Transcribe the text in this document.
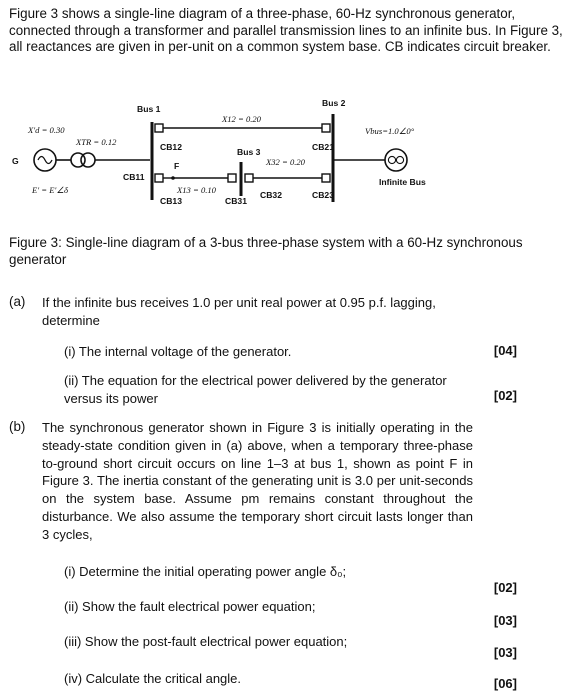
Figure 3 shows a single-line diagram of a three-phase, 60-Hz synchronous generator, connected through a transformer and parallel transmission lines to an infinite bus. In Figure 3, all reactances are given in per-unit on a common system base. CB indicates circuit breaker.
G
Bus 1
Bus 2
Bus 3
X′d = 0.30
XTR = 0.12
X12 = 0.20
X32 = 0.20
X13 = 0.10
Vbus=1.0∠0°
E′ = E′∠δ
F
Infinite Bus
CB12
CB11
CB13
CB21
CB23
CB31
CB32
Figure 3: Single-line diagram of a 3-bus three-phase system with a 60-Hz synchronous generator
(a) If the infinite bus receives 1.0 per unit real power at 0.95 p.f. lagging, determine
(i) The internal voltage of the generator.	[04]
(ii) The equation for the electrical power delivered by the generator versus its power	[02]
(b) The synchronous generator shown in Figure 3 is initially operating in the steady-state condition given in (a) above, when a temporary three-phase to-ground short circuit occurs on line 1–3 at bus 1, shown as point F in Figure 3. The inertia constant of the generating unit is 3.0 per unit-seconds on the system base. Assume pm remains constant throughout the disturbance. We also assume the temporary short circuit lasts longer than 3 cycles,
(i) Determine the initial operating power angle δ₀;
[02]
(ii) Show the fault electrical power equation;
[03]
(iii) Show the post-fault electrical power equation;
[03]
(iv) Calculate the critical angle.	[06]
